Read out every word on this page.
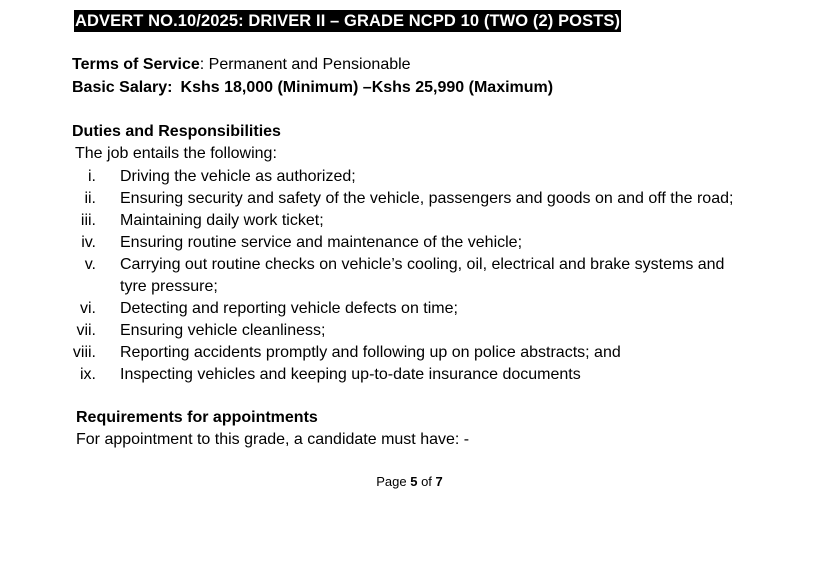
ADVERT NO.10/2025: DRIVER II – GRADE NCPD 10 (TWO (2) POSTS)
Terms of Service: Permanent and Pensionable
Basic Salary: Kshs 18,000 (Minimum) –Kshs 25,990 (Maximum)
Duties and Responsibilities
The job entails the following:
i. Driving the vehicle as authorized;
ii. Ensuring security and safety of the vehicle, passengers and goods on and off the road;
iii. Maintaining daily work ticket;
iv. Ensuring routine service and maintenance of the vehicle;
v. Carrying out routine checks on vehicle’s cooling, oil, electrical and brake systems and tyre pressure;
vi. Detecting and reporting vehicle defects on time;
vii. Ensuring vehicle cleanliness;
viii. Reporting accidents promptly and following up on police abstracts; and
ix. Inspecting vehicles and keeping up-to-date insurance documents
Requirements for appointments
For appointment to this grade, a candidate must have: -
Page 5 of 7
